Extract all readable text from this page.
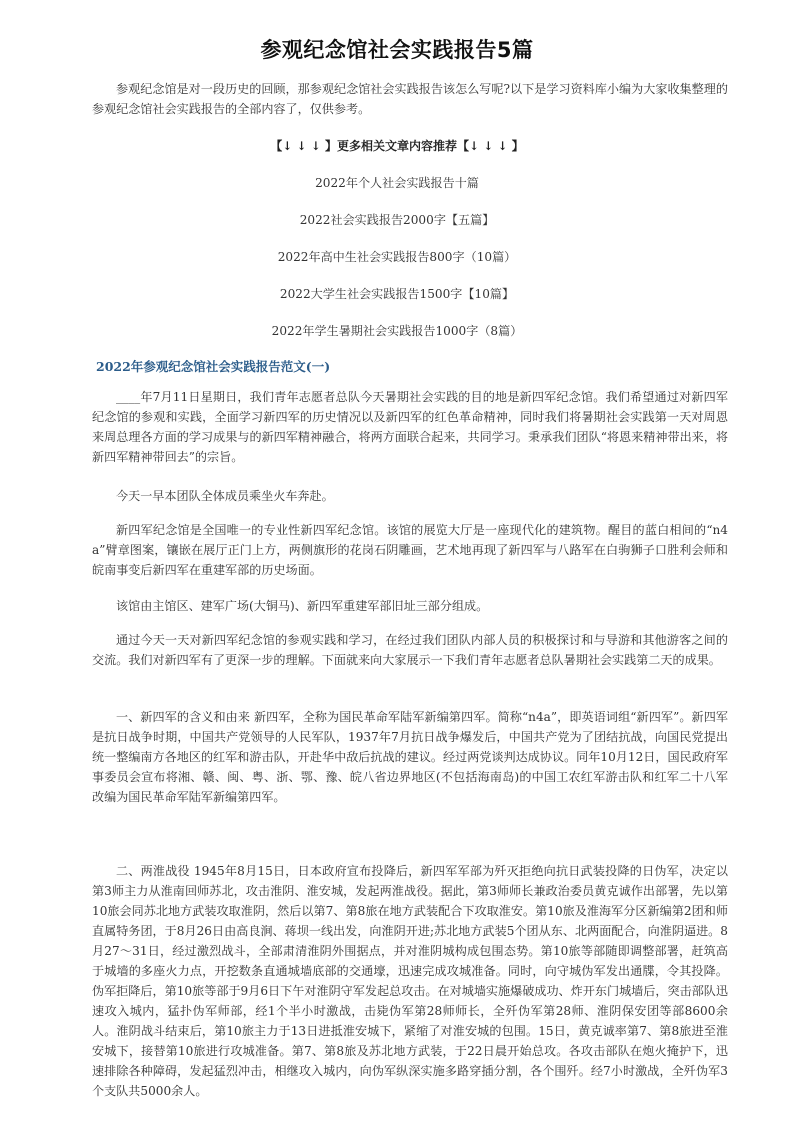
参观纪念馆社会实践报告5篇

参观纪念馆是对一段历史的回顾，那参观纪念馆社会实践报告该怎么写呢?以下是学习资料库小编为大家收集整理的参观纪念馆社会实践报告的全部内容了，仅供参考。

【↓ ↓ ↓ 】更多相关文章内容推荐【↓ ↓ ↓ 】
2022年个人社会实践报告十篇
2022社会实践报告2000字【五篇】
2022年高中生社会实践报告800字（10篇）
2022大学生社会实践报告1500字【10篇】
2022年学生暑期社会实践报告1000字（8篇）
2022年参观纪念馆社会实践报告范文(一)

____年7月11日星期日，我们青年志愿者总队今天暑期社会实践的目的地是新四军纪念馆。我们希望通过对新四军纪念馆的参观和实践，全面学习新四军的历史情况以及新四军的红色革命精神，同时我们将暑期社会实践第一天对周恩来周总理各方面的学习成果与的新四军精神融合，将两方面联合起来，共同学习。秉承我们团队“将恩来精神带出来，将新四军精神带回去”的宗旨。

今天一早本团队全体成员乘坐火车奔赴。

新四军纪念馆是全国唯一的专业性新四军纪念馆。该馆的展览大厅是一座现代化的建筑物。醒目的蓝白相间的“n4a”臂章图案，镶嵌在展厅正门上方，两侧旗形的花岗石阴雕画，艺术地再现了新四军与八路军在白驹狮子口胜利会师和皖南事变后新四军在重建军部的历史场面。

该馆由主馆区、建军广场(大铜马)、新四军重建军部旧址三部分组成。

通过今天一天对新四军纪念馆的参观实践和学习，在经过我们团队内部人员的积极探讨和与导游和其他游客之间的交流。我们对新四军有了更深一步的理解。下面就来向大家展示一下我们青年志愿者总队暑期社会实践第二天的成果。

一、新四军的含义和由来 新四军，全称为国民革命军陆军新编第四军。简称“n4a”，即英语词组“新四军”。新四军是抗日战争时期，中国共产党领导的人民军队，1937年7月抗日战争爆发后，中国共产党为了团结抗战，向国民党提出统一整编南方各地区的红军和游击队，开赴华中敌后抗战的建议。经过两党谈判达成协议。同年10月12日，国民政府军事委员会宣布将湘、赣、闽、粤、浙、鄂、豫、皖八省边界地区(不包括海南岛)的中国工农红军游击队和红军二十八军改编为国民革命军陆军新编第四军。

二、两淮战役 1945年8月15日，日本政府宣布投降后，新四军军部为歼灭拒绝向抗日武装投降的日伪军，决定以第3师主力从淮南回师苏北，攻击淮阴、淮安城，发起两淮战役。据此，第3师师长兼政治委员黄克诚作出部署，先以第10旅会同苏北地方武装攻取淮阴，然后以第7、第8旅在地方武装配合下攻取淮安。第10旅及淮海军分区新编第2团和师直属特务团，于8月26日由高良涧、蒋坝一线出发，向淮阴开进;苏北地方武装5个团从东、北两面配合，向淮阴逼进。8月27～31日，经过激烈战斗，全部肃清淮阴外围据点，并对淮阴城构成包围态势。第10旅等部随即调整部署，赶筑高于城墙的多座火力点，开挖数条直通城墙底部的交通壕，迅速完成攻城准备。同时，向守城伪军发出通牒，令其投降。伪军拒降后，第10旅等部于9月6日下午对淮阴守军发起总攻击。在对城墙实施爆破成功、炸开东门城墙后，突击部队迅速攻入城内，猛扑伪军师部，经1个半小时激战，击毙伪军第28师师长，全歼伪军第28师、淮阴保安团等部8600余人。淮阴战斗结束后，第10旅主力于13日进抵淮安城下，紧缩了对淮安城的包围。15日，黄克诚率第7、第8旅进至淮安城下，接替第10旅进行攻城准备。第7、第8旅及苏北地方武装，于22日晨开始总攻。各攻击部队在炮火掩护下，迅速排除各种障碍，发起猛烈冲击，相继攻入城内，向伪军纵深实施多路穿插分割，各个围歼。经7小时激战，全歼伪军3个支队共5000余人。
